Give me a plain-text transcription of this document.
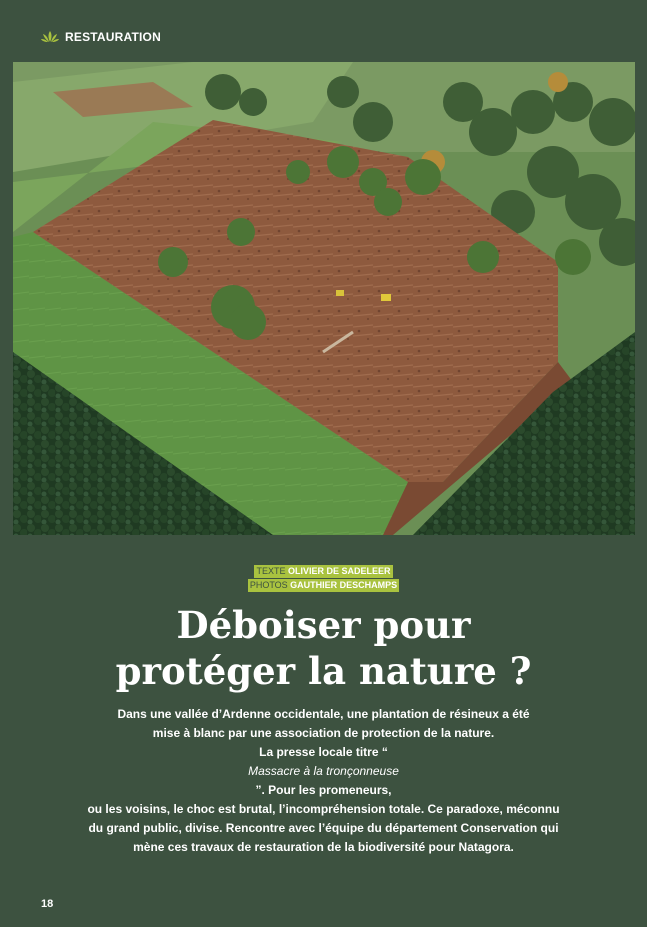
RESTAURATION
TEXTE OLIVIER DE SADELEER
PHOTOS GAUTHIER DESCHAMPS
Déboiser pour
protéger la nature ?

Dans une vallée d’Ardenne occidentale, une plantation de résineux a été
mise à blanc par une association de protection de la nature.
La presse locale titre “
Massacre à la tronçonneuse
”. Pour les promeneurs,
ou les voisins, le choc est brutal, l’incompréhension totale. Ce paradoxe, méconnu
du grand public, divise. Rencontre avec l’équipe du département Conservation qui
mène ces travaux de restauration de la biodiversité pour Natagora.

18
